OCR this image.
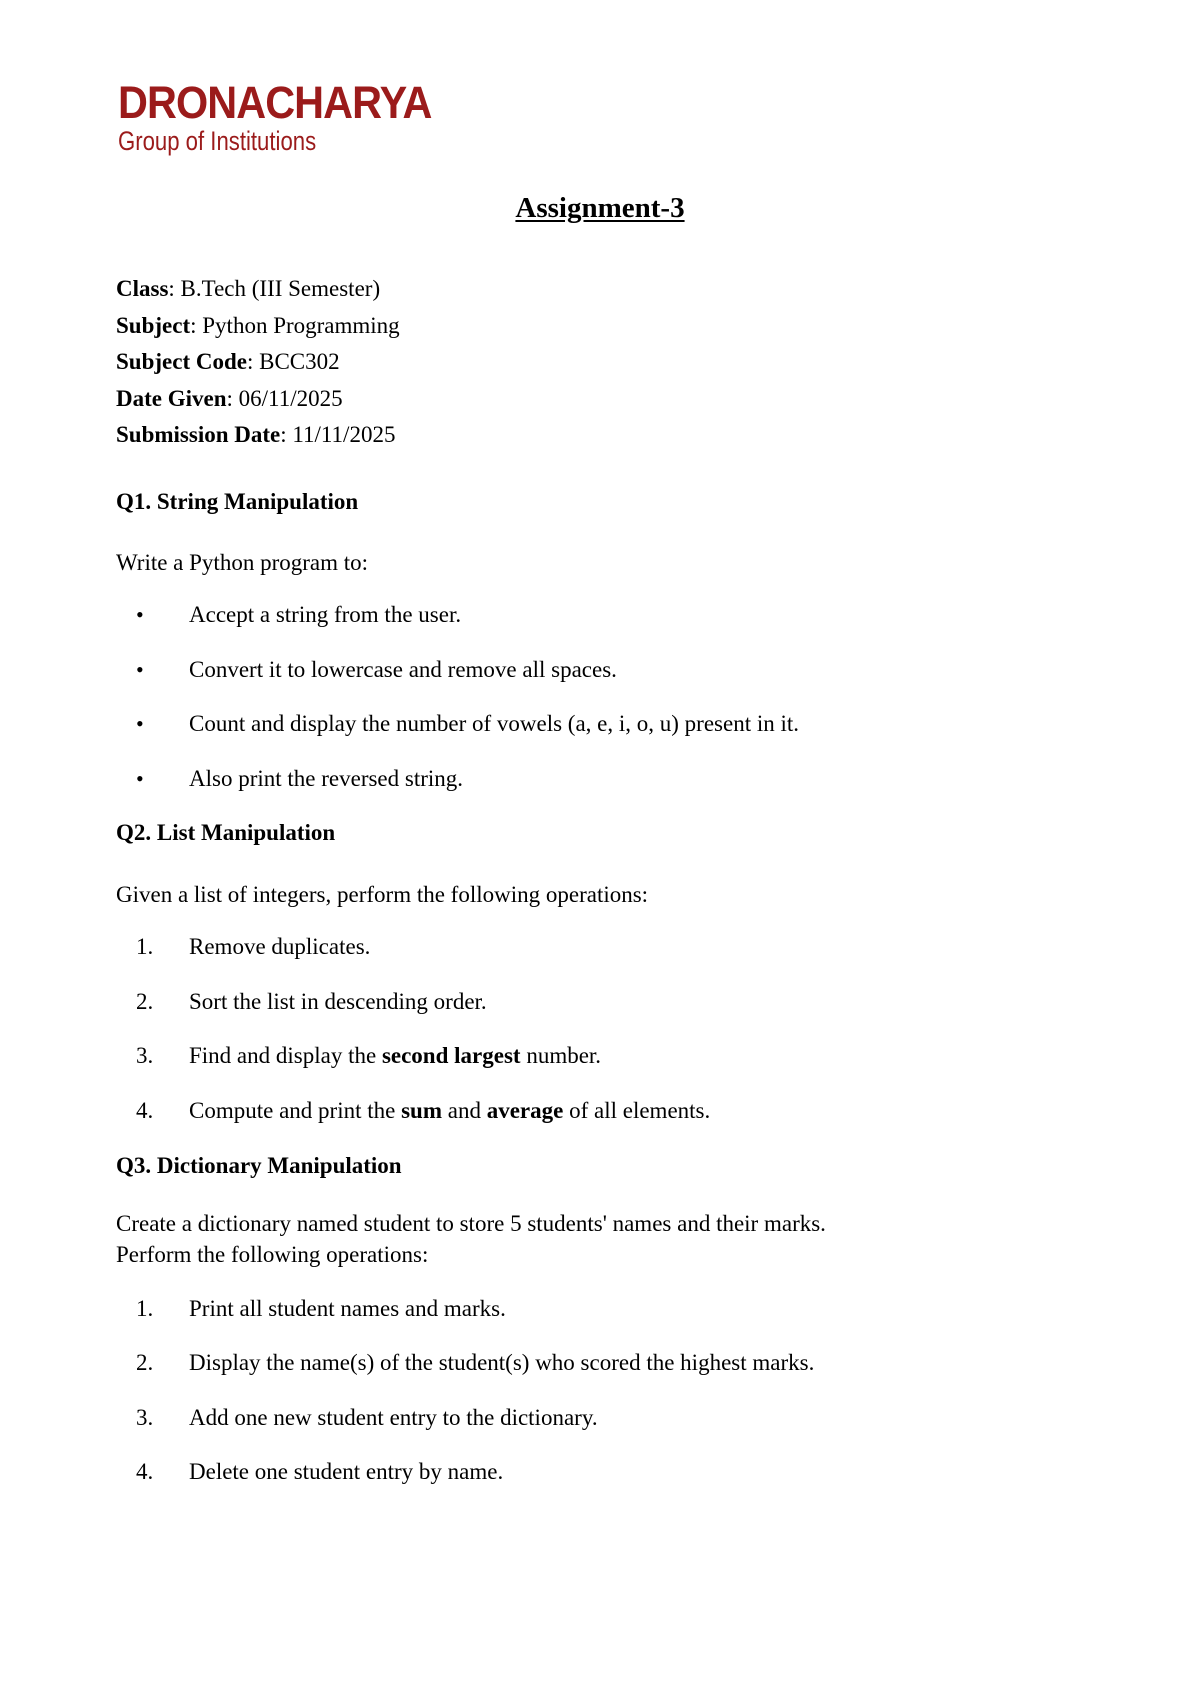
DRONACHARYA
Group of Institutions
Assignment-3
Class: B.Tech (III Semester)
Subject: Python Programming
Subject Code: BCC302
Date Given: 06/11/2025
Submission Date: 11/11/2025
Q1. String Manipulation
Write a Python program to:
• Accept a string from the user.
• Convert it to lowercase and remove all spaces.
• Count and display the number of vowels (a, e, i, o, u) present in it.
• Also print the reversed string.
Q2. List Manipulation
Given a list of integers, perform the following operations:
1.	Remove duplicates.
2.	Sort the list in descending order.
3.	Find and display the second largest number.
4.	Compute and print the sum and average of all elements.
Q3. Dictionary Manipulation
Create a dictionary named student to store 5 students' names and their marks.
Perform the following operations:
1.	Print all student names and marks.
2.	Display the name(s) of the student(s) who scored the highest marks.
3.	Add one new student entry to the dictionary.
4.	Delete one student entry by name.
